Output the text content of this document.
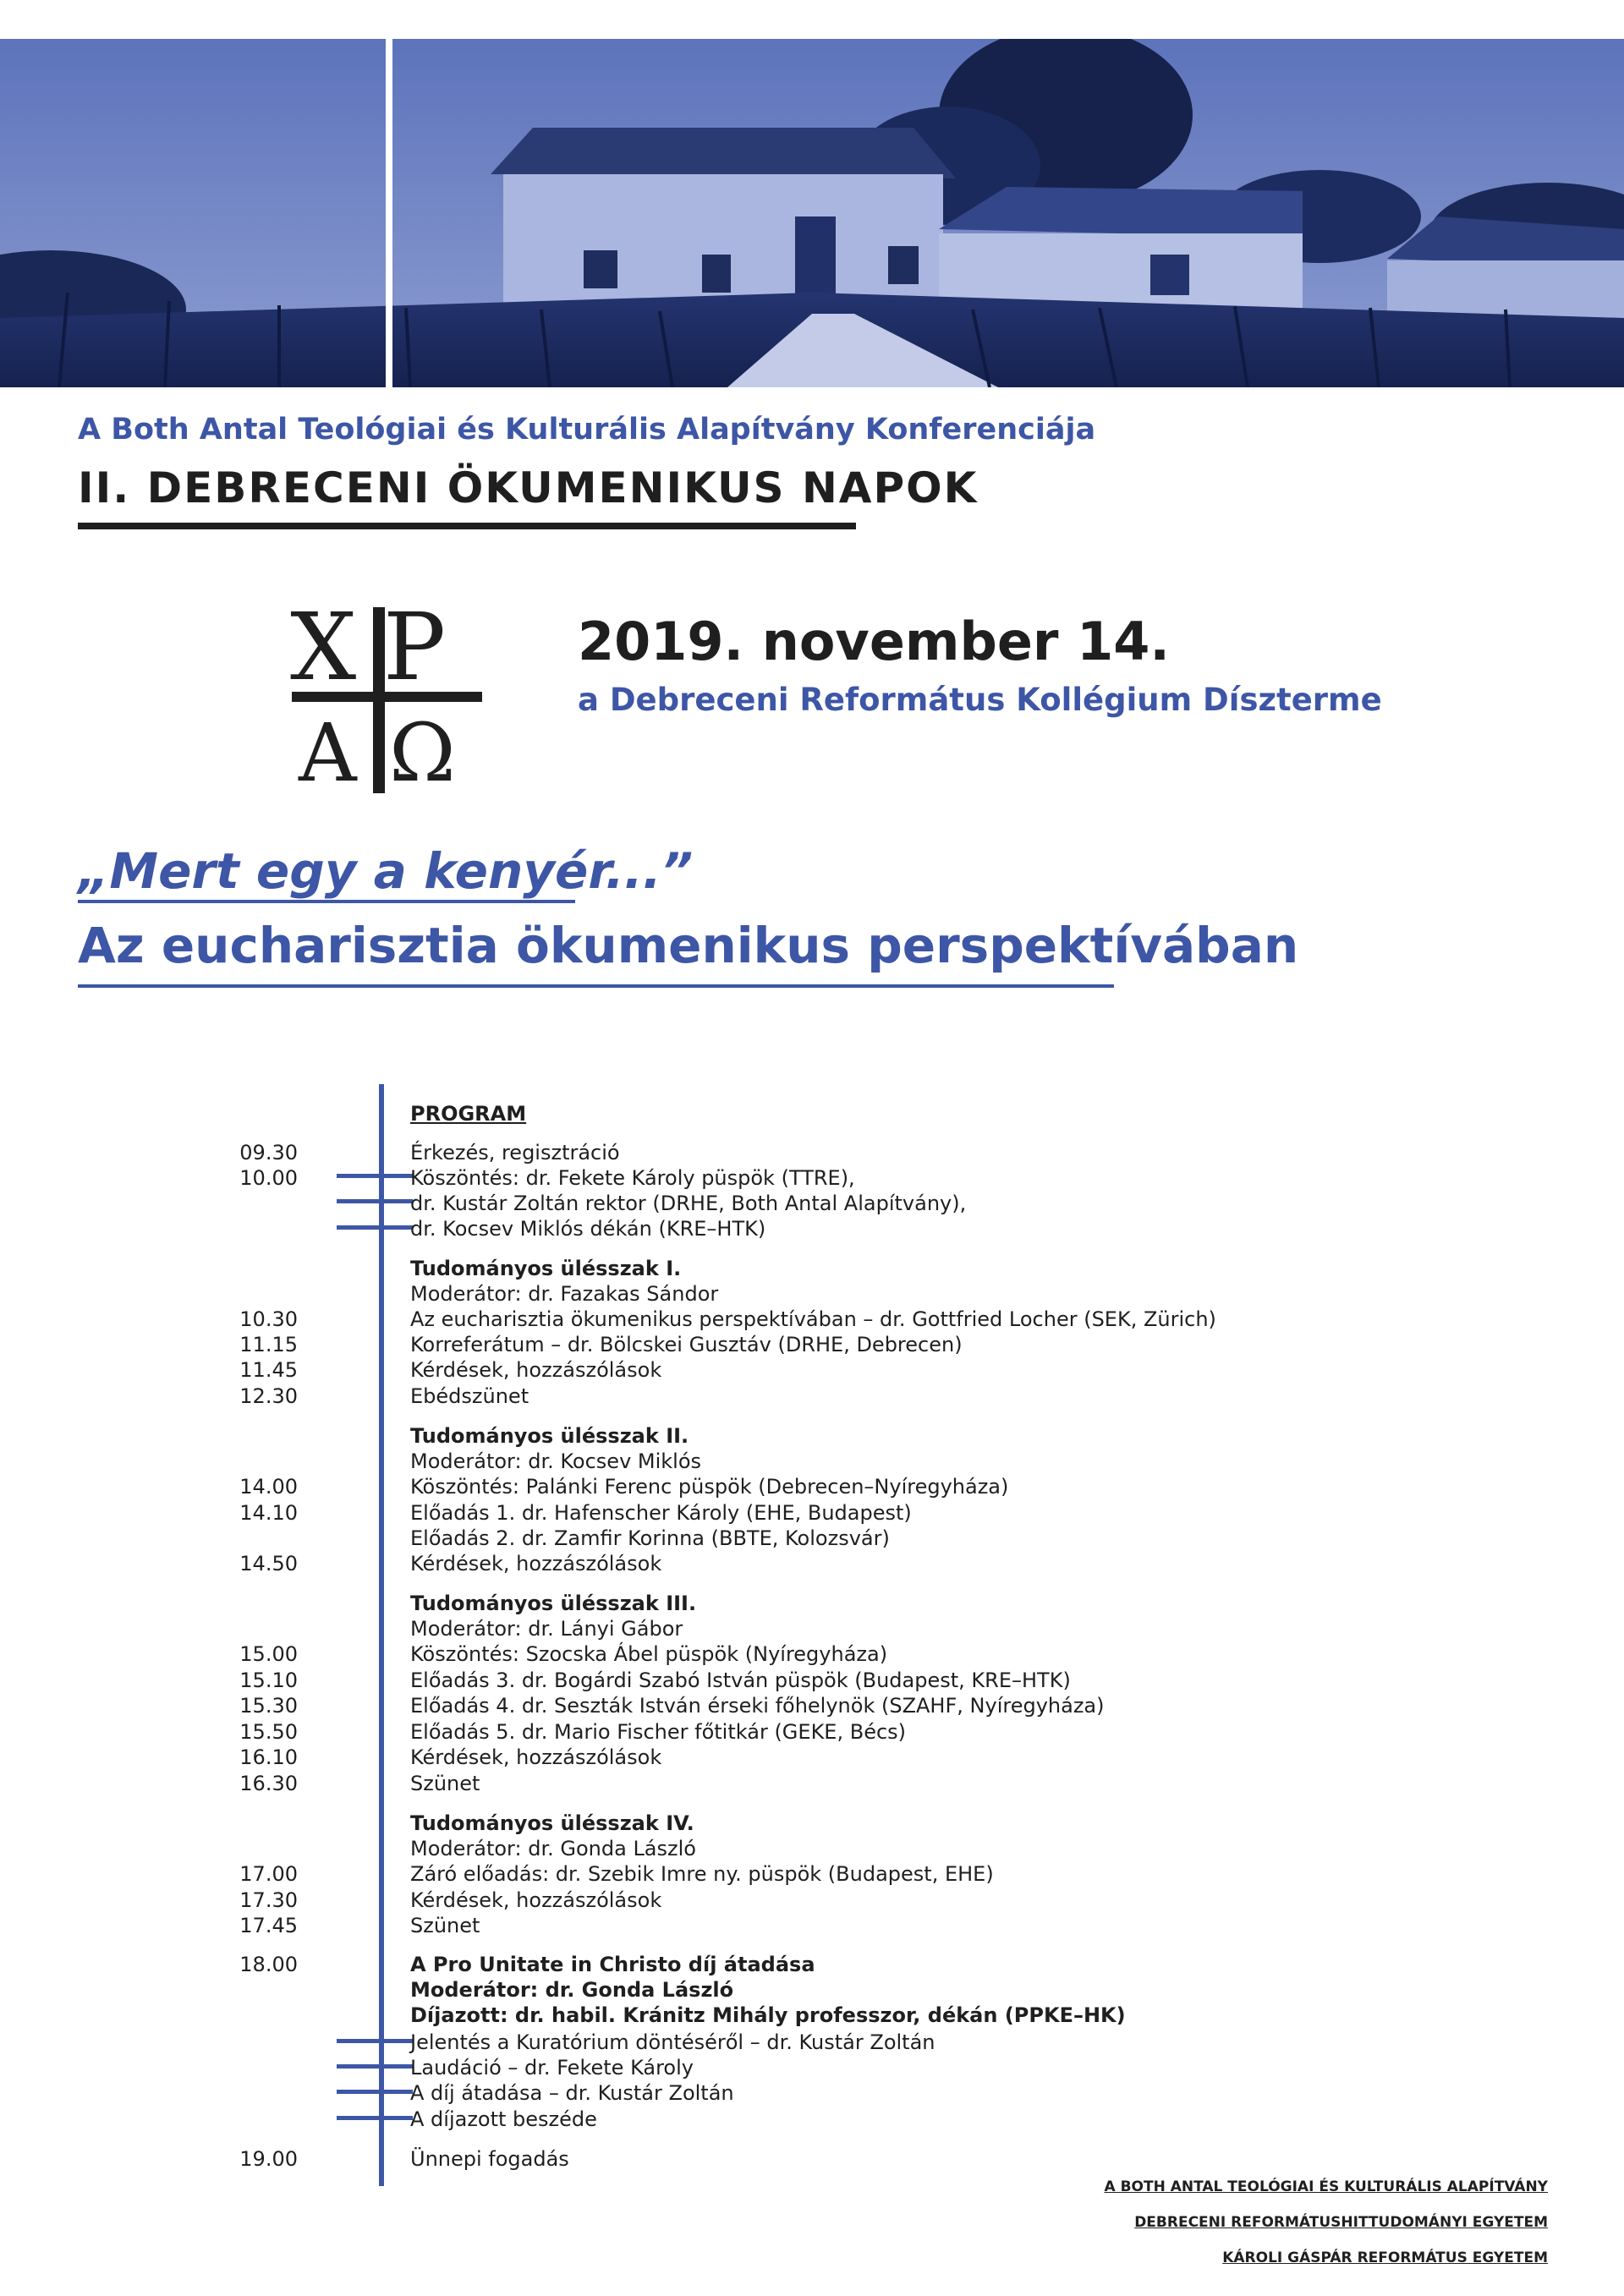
A Both Antal Teológiai és Kulturális Alapítvány Konferenciája
II. DEBRECENI ÖKUMENIKUS NAPOK
Χ Ρ
Α Ω
2019. november 14.
a Debreceni Református Kollégium Díszterme
„Mert egy a kenyér...”
Az eucharisztia ökumenikus perspektívában
PROGRAM
09.30	Érkezés, regisztráció
10.00	Köszöntés: dr. Fekete Károly püspök (TTRE),
dr. Kustár Zoltán rektor (DRHE, Both Antal Alapítvány),
dr. Kocsev Miklós dékán (KRE–HTK)
Tudományos ülésszak I.
Moderátor: dr. Fazakas Sándor
10.30	Az eucharisztia ökumenikus perspektívában – dr. Gottfried Locher (SEK, Zürich)
11.15	Korreferátum – dr. Bölcskei Gusztáv (DRHE, Debrecen)
11.45	Kérdések, hozzászólások
12.30	Ebédszünet
Tudományos ülésszak II.
Moderátor: dr. Kocsev Miklós
14.00	Köszöntés: Palánki Ferenc püspök (Debrecen–Nyíregyháza)
14.10	Előadás 1. dr. Hafenscher Károly (EHE, Budapest)
Előadás 2. dr. Zamfir Korinna (BBTE, Kolozsvár)
14.50	Kérdések, hozzászólások
Tudományos ülésszak III.
Moderátor: dr. Lányi Gábor
15.00	Köszöntés: Szocska Ábel püspök (Nyíregyháza)
15.10	Előadás 3. dr. Bogárdi Szabó István püspök (Budapest, KRE–HTK)
15.30	Előadás 4. dr. Seszták István érseki főhelynök (SZAHF, Nyíregyháza)
15.50	Előadás 5. dr. Mario Fischer főtitkár (GEKE, Bécs)
16.10	Kérdések, hozzászólások
16.30	Szünet
Tudományos ülésszak IV.
Moderátor: dr. Gonda László
17.00	Záró előadás: dr. Szebik Imre ny. püspök (Budapest, EHE)
17.30	Kérdések, hozzászólások
17.45	Szünet
18.00	A Pro Unitate in Christo díj átadása
Moderátor: dr. Gonda László
Díjazott: dr. habil. Kránitz Mihály professzor, dékán (PPKE–HK)
Jelentés a Kuratórium döntéséről – dr. Kustár Zoltán
Laudáció – dr. Fekete Károly
A díj átadása – dr. Kustár Zoltán
A díjazott beszéde
19.00	Ünnepi fogadás
A BOTH ANTAL TEOLÓGIAI ÉS KULTURÁLIS ALAPÍTVÁNY
DEBRECENI REFORMÁTUSHITTUDOMÁNYI EGYETEM
KÁROLI GÁSPÁR REFORMÁTUS EGYETEM
